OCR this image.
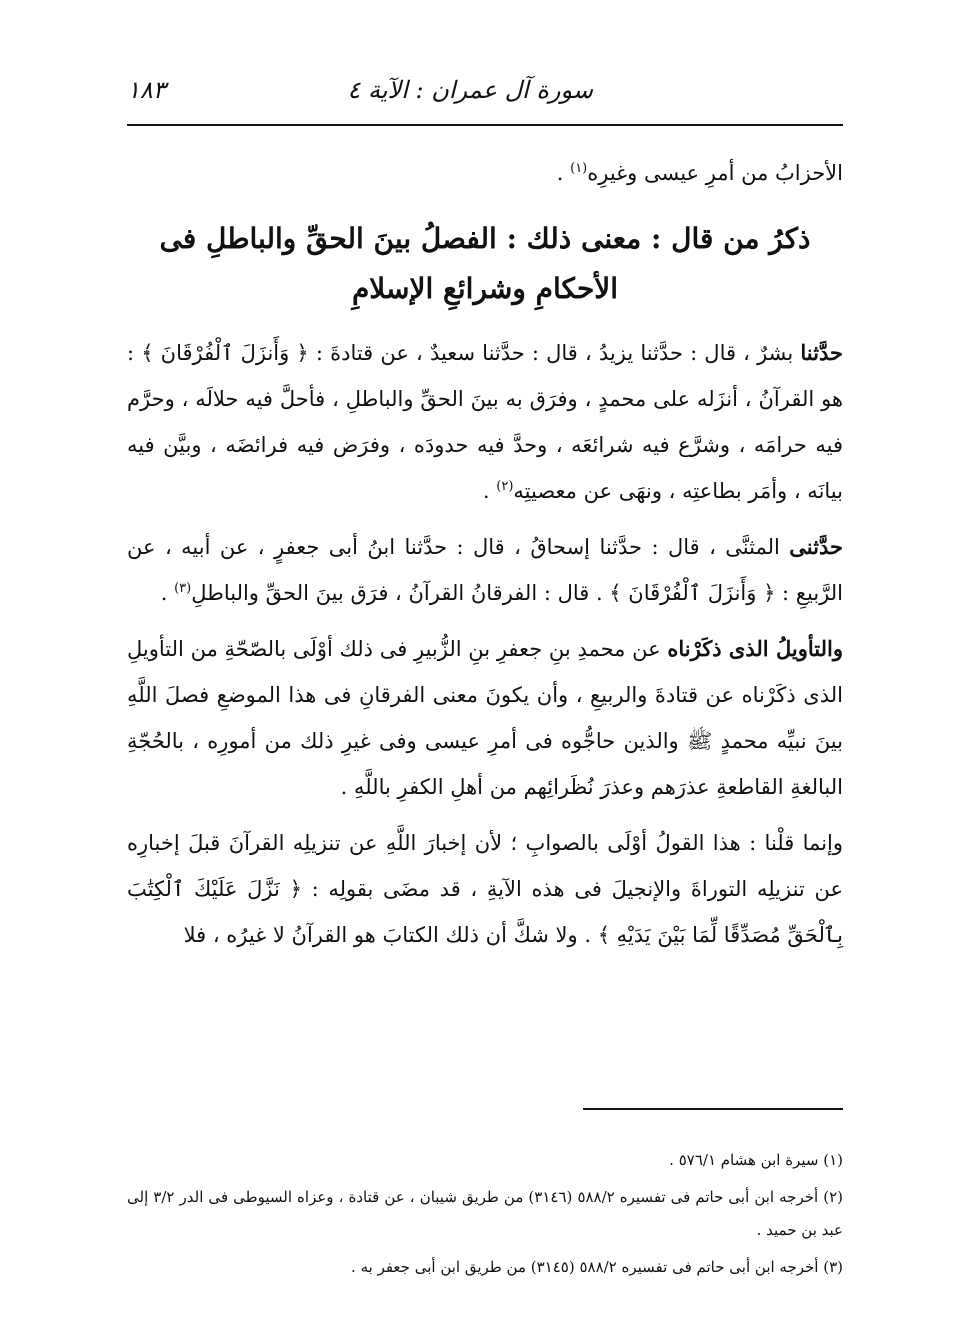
سورة آل عمران : الآية ٤
١٨٣

الأحزابُ من أمرِ عيسى وغيرِه$^{(١)}$ .

ذكرُ من قال : معنى ذلك : الفصلُ بينَ الحقِّ والباطلِ فى الأحكامِ وشرائعِ الإسلامِ

حدَّثنا بشرٌ ، قال : حدَّثنا يزيدُ ، قال : حدَّثنا سعيدٌ ، عن قتادةَ : ﴿ وَأَنزَلَ ٱلْفُرْقَانَ ﴾ : هو القرآنُ ، أنزَله على محمدٍ ، وفرَق به بينَ الحقِّ والباطلِ ، فأحلَّ فيه حلالَه ، وحرَّم فيه حرامَه ، وشرَّع فيه شرائعَه ، وحدَّ فيه حدودَه ، وفرَض فيه فرائضَه ، وبيَّن فيه بيانَه ، وأمَر بطاعتِه ، ونهَى عن معصيتِه$^{(٢)}$ .

حدَّثنى المثنَّى ، قال : حدَّثنا إسحاقُ ، قال : حدَّثنا ابنُ أبى جعفرٍ ، عن أبيه ، عن الرَّبيعِ : ﴿ وَأَنزَلَ ٱلْفُرْقَانَ ﴾ . قال : الفرقانُ القرآنُ ، فرَق بينَ الحقِّ والباطلِ$^{(٣)}$ .

والتأويلُ الذى ذكَرْناه عن محمدِ بنِ جعفرِ بنِ الزُّبيرِ فى ذلك أوْلَى بالصّحّةِ من التأويلِ الذى ذكَرْناه عن قتادةَ والربيعِ ، وأن يكونَ معنى الفرقانِ فى هذا الموضعِ فصلَ اللَّهِ بينَ نبيِّه محمدٍ ﷺ والذين حاجُّوه فى أمرِ عيسى وفى غيرِ ذلك من أمورِه ، بالحُجّةِ البالغةِ القاطعةِ عذرَهم وعذرَ نُظَرائِهم من أهلِ الكفرِ باللَّهِ .

وإنما قلْنا : هذا القولُ أوْلَى بالصوابِ ؛ لأن إخبارَ اللَّهِ عن تنزيلِه القرآنَ قبلَ إخبارِه عن تنزيلِه التوراةَ والإنجيلَ فى هذه الآيةِ ، قد مضَى بقولِه : ﴿ نَزَّلَ عَلَيْكَ ٱلْكِتَٰبَ بِٱلْحَقِّ مُصَدِّقًا لِّمَا بَيْنَ يَدَيْهِ ﴾ . ولا شكَّ أن ذلك الكتابَ هو القرآنُ لا غيرُه ، فلا

(١) سيرة ابن هشام ٥٧٦/١ .

(٢) أخرجه ابن أبى حاتم فى تفسيره ٥٨٨/٢ (٣١٤٦) من طريق شيبان ، عن قتادة ، وعزاه السيوطى فى الدر ٣/٢ إلى عبد بن حميد .

(٣) أخرجه ابن أبى حاتم فى تفسيره ٥٨٨/٢ (٣١٤٥) من طريق ابن أبى جعفر به .
